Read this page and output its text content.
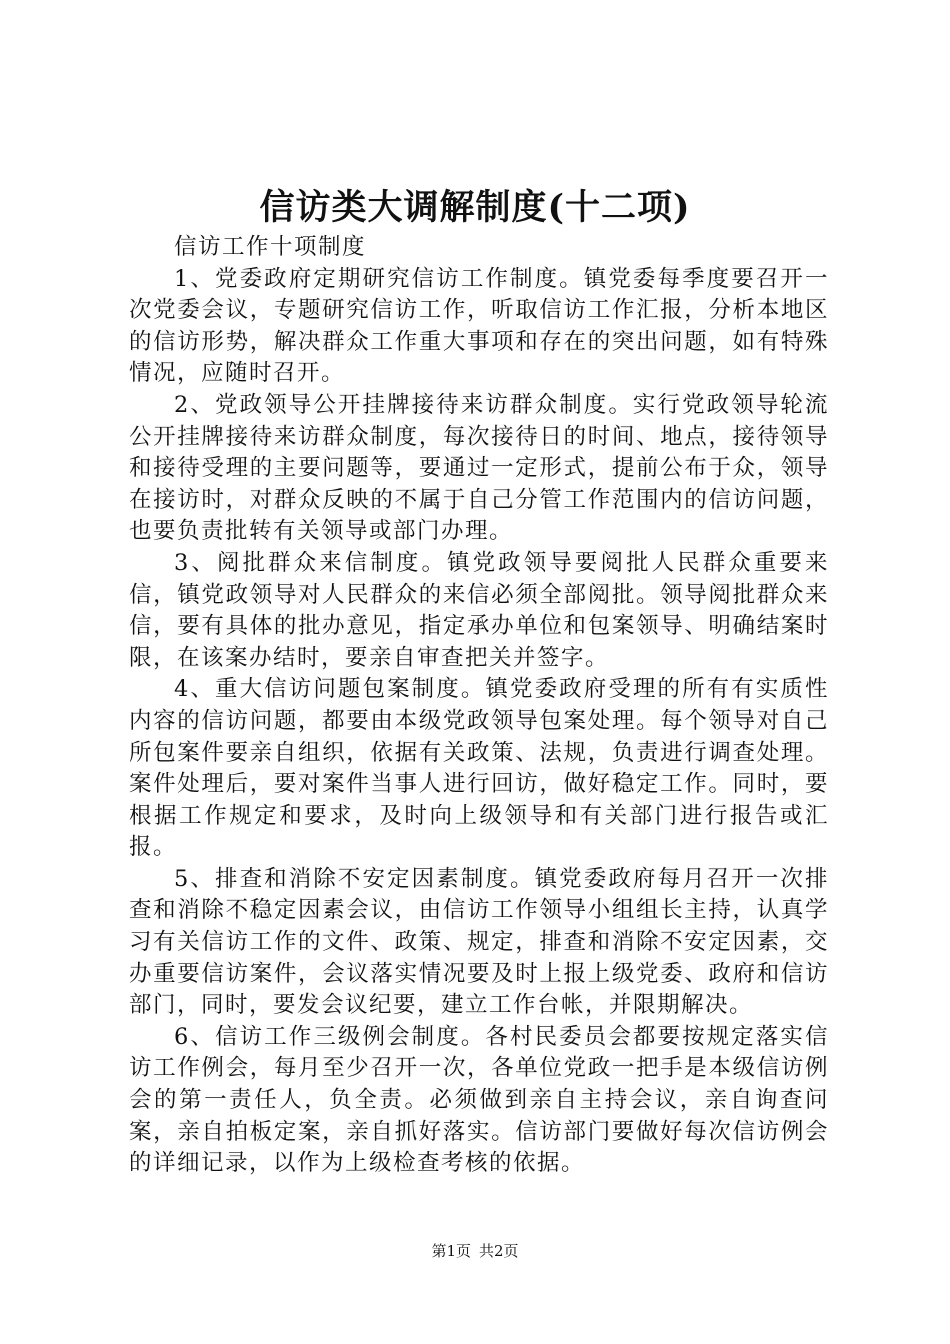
信访类大调解制度(十二项)

信访工作十项制度

1、党委政府定期研究信访工作制度。镇党委每季度要召开一次党委会议，专题研究信访工作，听取信访工作汇报，分析本地区的信访形势，解决群众工作重大事项和存在的突出问题，如有特殊情况，应随时召开。

2、党政领导公开挂牌接待来访群众制度。实行党政领导轮流公开挂牌接待来访群众制度，每次接待日的时间、地点，接待领导和接待受理的主要问题等，要通过一定形式，提前公布于众，领导在接访时，对群众反映的不属于自己分管工作范围内的信访问题，也要负责批转有关领导或部门办理。

3、阅批群众来信制度。镇党政领导要阅批人民群众重要来信，镇党政领导对人民群众的来信必须全部阅批。领导阅批群众来信，要有具体的批办意见，指定承办单位和包案领导、明确结案时限，在该案办结时，要亲自审查把关并签字。

4、重大信访问题包案制度。镇党委政府受理的所有有实质性内容的信访问题，都要由本级党政领导包案处理。每个领导对自己所包案件要亲自组织，依据有关政策、法规，负责进行调查处理。案件处理后，要对案件当事人进行回访，做好稳定工作。同时，要根据工作规定和要求，及时向上级领导和有关部门进行报告或汇报。

5、排查和消除不安定因素制度。镇党委政府每月召开一次排查和消除不稳定因素会议，由信访工作领导小组组长主持，认真学习有关信访工作的文件、政策、规定，排查和消除不安定因素，交办重要信访案件，会议落实情况要及时上报上级党委、政府和信访部门，同时，要发会议纪要，建立工作台帐，并限期解决。

6、信访工作三级例会制度。各村民委员会都要按规定落实信访工作例会，每月至少召开一次，各单位党政一把手是本级信访例会的第一责任人，负全责。必须做到亲自主持会议，亲自询查问案，亲自拍板定案，亲自抓好落实。信访部门要做好每次信访例会的详细记录，以作为上级检查考核的依据。

第1页 共2页
